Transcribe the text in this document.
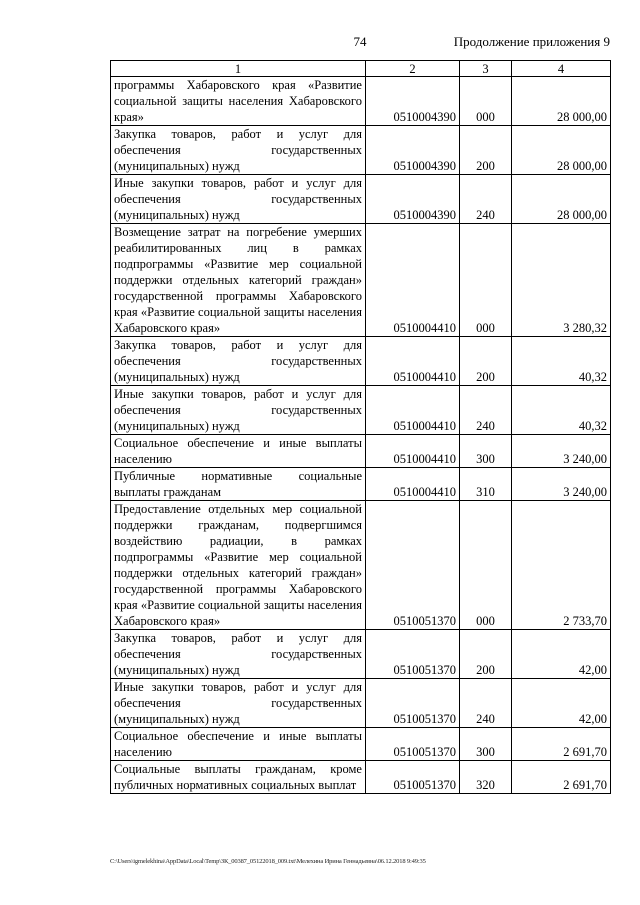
74	Продолжение приложения 9
1	2	3	4
программы Хабаровского края «Развитие социальной защиты населения Хабаровского края»	0510004390	000	28 000,00
Закупка товаров, работ и услуг для обеспечения государственных (муниципальных) нужд	0510004390	200	28 000,00
Иные закупки товаров, работ и услуг для обеспечения государственных (муниципальных) нужд	0510004390	240	28 000,00
Возмещение затрат на погребение умерших реабилитированных лиц в рамках подпрограммы «Развитие мер социальной поддержки отдельных категорий граждан» государственной программы Хабаровского края «Развитие социальной защиты населения Хабаровского края»	0510004410	000	3 280,32
Закупка товаров, работ и услуг для обеспечения государственных (муниципальных) нужд	0510004410	200	40,32
Иные закупки товаров, работ и услуг для обеспечения государственных (муниципальных) нужд	0510004410	240	40,32
Социальное обеспечение и иные выплаты населению	0510004410	300	3 240,00
Публичные нормативные социальные выплаты гражданам	0510004410	310	3 240,00
Предоставление отдельных мер социальной поддержки гражданам, подвергшимся воздействию радиации, в рамках подпрограммы «Развитие мер социальной поддержки отдельных категорий граждан» государственной программы Хабаровского края «Развитие социальной защиты населения Хабаровского края»	0510051370	000	2 733,70
Закупка товаров, работ и услуг для обеспечения государственных (муниципальных) нужд	0510051370	200	42,00
Иные закупки товаров, работ и услуг для обеспечения государственных (муниципальных) нужд	0510051370	240	42,00
Социальное обеспечение и иные выплаты населению	0510051370	300	2 691,70
Социальные выплаты гражданам, кроме публичных нормативных социальных выплат	0510051370	320	2 691,70
C:\Users\igmelekhina\AppData\Local\Temp\ЗК_00387_05122018_009.txt\Мелехина Ирина Геннадьевна\06.12.2018 9:49:35
